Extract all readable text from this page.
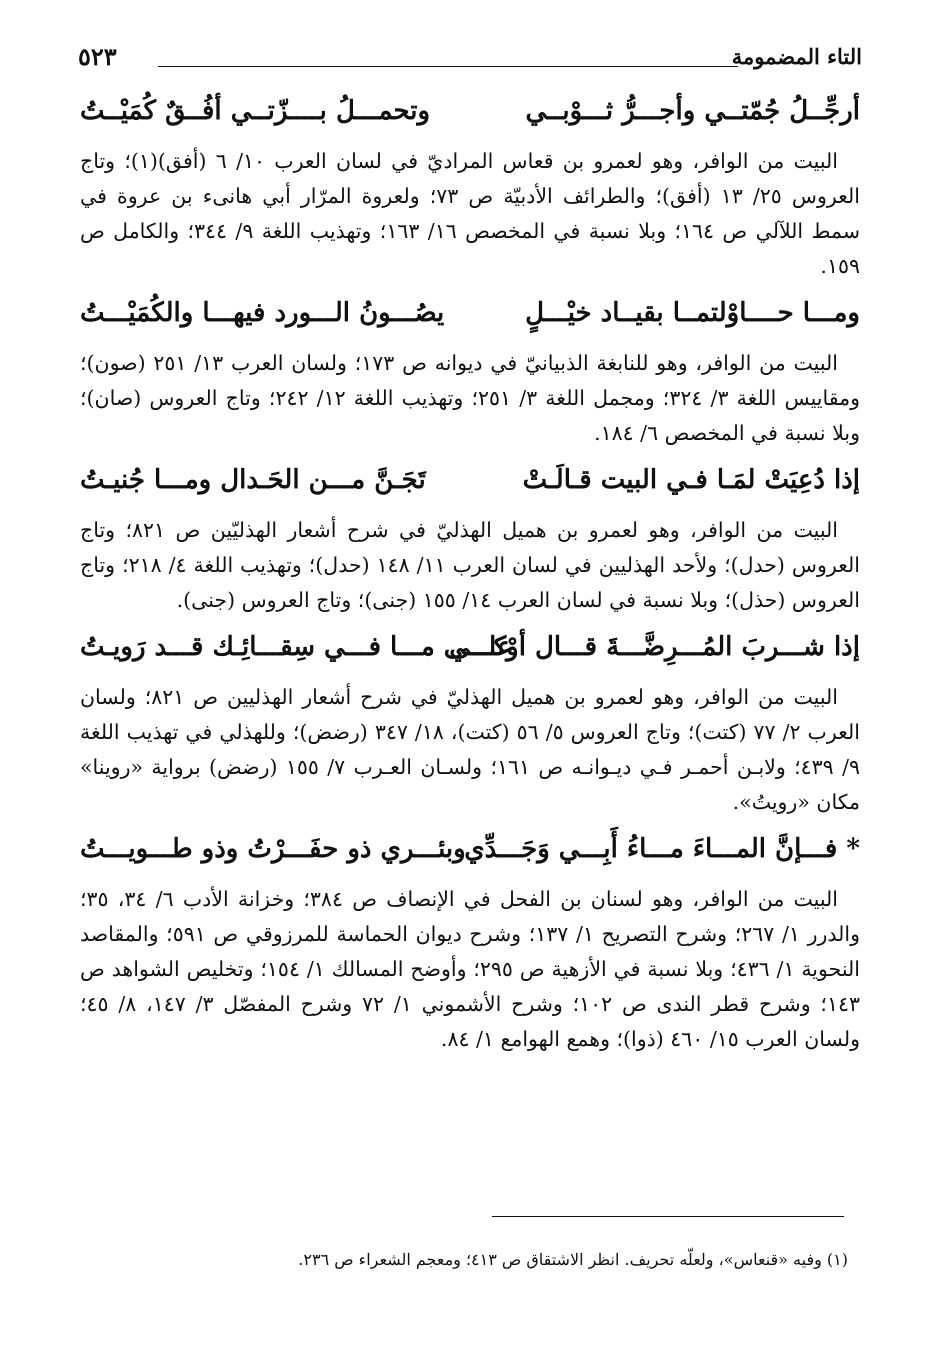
التاء المضمومة
٥٢٣
أرجِّــلُ جُمّتــي وأجـــرُّ ثـــوْبــي
وتحمـــلُ بــــزّتــي أفُــقٌ كُمَيْــتُ

البيت من الوافر، وهو لعمرو بن قعاس المراديّ في لسان العرب ١٠/ ٦ (أفق)(١)؛ وتاج العروس ٢٥/ ١٣ (أفق)؛ والطرائف الأدبيّة ص ٧٣؛ ولعروة المرّار أبي هانىء بن عروة في سمط اللآلي ص ١٦٤؛ وبلا نسبة في المخصص ١٦/ ١٦٣؛ وتهذيب اللغة ٩/ ٣٤٤؛ والكامل ص ١٥٩.

ومـــا حــــاوْلتمــا بقيــاد خيْـــلٍ
يصُـــونُ الـــورد فيهـــا والكُمَيْـــتُ

البيت من الوافر، وهو للنابغة الذبيانيّ في ديوانه ص ١٧٣؛ ولسان العرب ١٣/ ٢٥١ (صون)؛ ومقاييس اللغة ٣/ ٣٢٤؛ ومجمل اللغة ٣/ ٢٥١؛ وتهذيب اللغة ١٢/ ٢٤٢؛ وتاج العروس (صان)؛ وبلا نسبة في المخصص ٦/ ١٨٤.

إذا دُعِيَتْ لمَـا فـي البيت قـالَـتْ
تَجَـنَّ مـــن الحَـدال ومـــا جُنيـتُ

البيت من الوافر، وهو لعمرو بن هميل الهذليّ في شرح أشعار الهذليّين ص ٨٢١؛ وتاج العروس (حدل)؛ ولأحد الهذليين في لسان العرب ١١/ ١٤٨ (حدل)؛ وتهذيب اللغة ٤/ ٢١٨؛ وتاج العروس (حذل)؛ وبلا نسبة في لسان العرب ١٤/ ١٥٥ (جنى)؛ وتاج العروس (جنى).

إذا شـــربَ المُـــرِضَّـــةَ قـــال أوْكـــي
علـــى مـــا فـــي سِقـــائِـك قـــد رَويـتُ

البيت من الوافر، وهو لعمرو بن هميل الهذليّ في شرح أشعار الهذليين ص ٨٢١؛ ولسان العرب ٢/ ٧٧ (كتت)؛ وتاج العروس ٥/ ٥٦ (كتت)، ١٨/ ٣٤٧ (رضض)؛ وللهذلي في تهذيب اللغة ٩/ ٤٣٩؛ ولابـن أحمـر فـي ديـوانـه ص ١٦١؛ ولسـان العـرب ٧/ ١٥٥ (رضض) برواية «روينا» مكان «رويتُ».

* فـــإنَّ المـــاءَ مـــاءُ أَبِـــي وَجَـــدِّي
وبئـــري ذو حفَـــرْتُ وذو طـــويـــتُ

البيت من الوافر، وهو لسنان بن الفحل في الإنصاف ص ٣٨٤؛ وخزانة الأدب ٦/ ٣٤، ٣٥؛ والدرر ١/ ٢٦٧؛ وشرح التصريح ١/ ١٣٧؛ وشرح ديوان الحماسة للمرزوقي ص ٥٩١؛ والمقاصد النحوية ١/ ٤٣٦؛ وبلا نسبة في الأزهية ص ٢٩٥؛ وأوضح المسالك ١/ ١٥٤؛ وتخليص الشواهد ص ١٤٣؛ وشرح قطر الندى ص ١٠٢؛ وشرح الأشموني ١/ ٧٢ وشرح المفصّل ٣/ ١٤٧، ٨/ ٤٥؛ ولسان العرب ١٥/ ٤٦٠ (ذوا)؛ وهمع الهوامع ١/ ٨٤.

(١) وفيه «قنعاس»، ولعلّه تحريف. انظر الاشتقاق ص ٤١٣؛ ومعجم الشعراء ص ٢٣٦.
